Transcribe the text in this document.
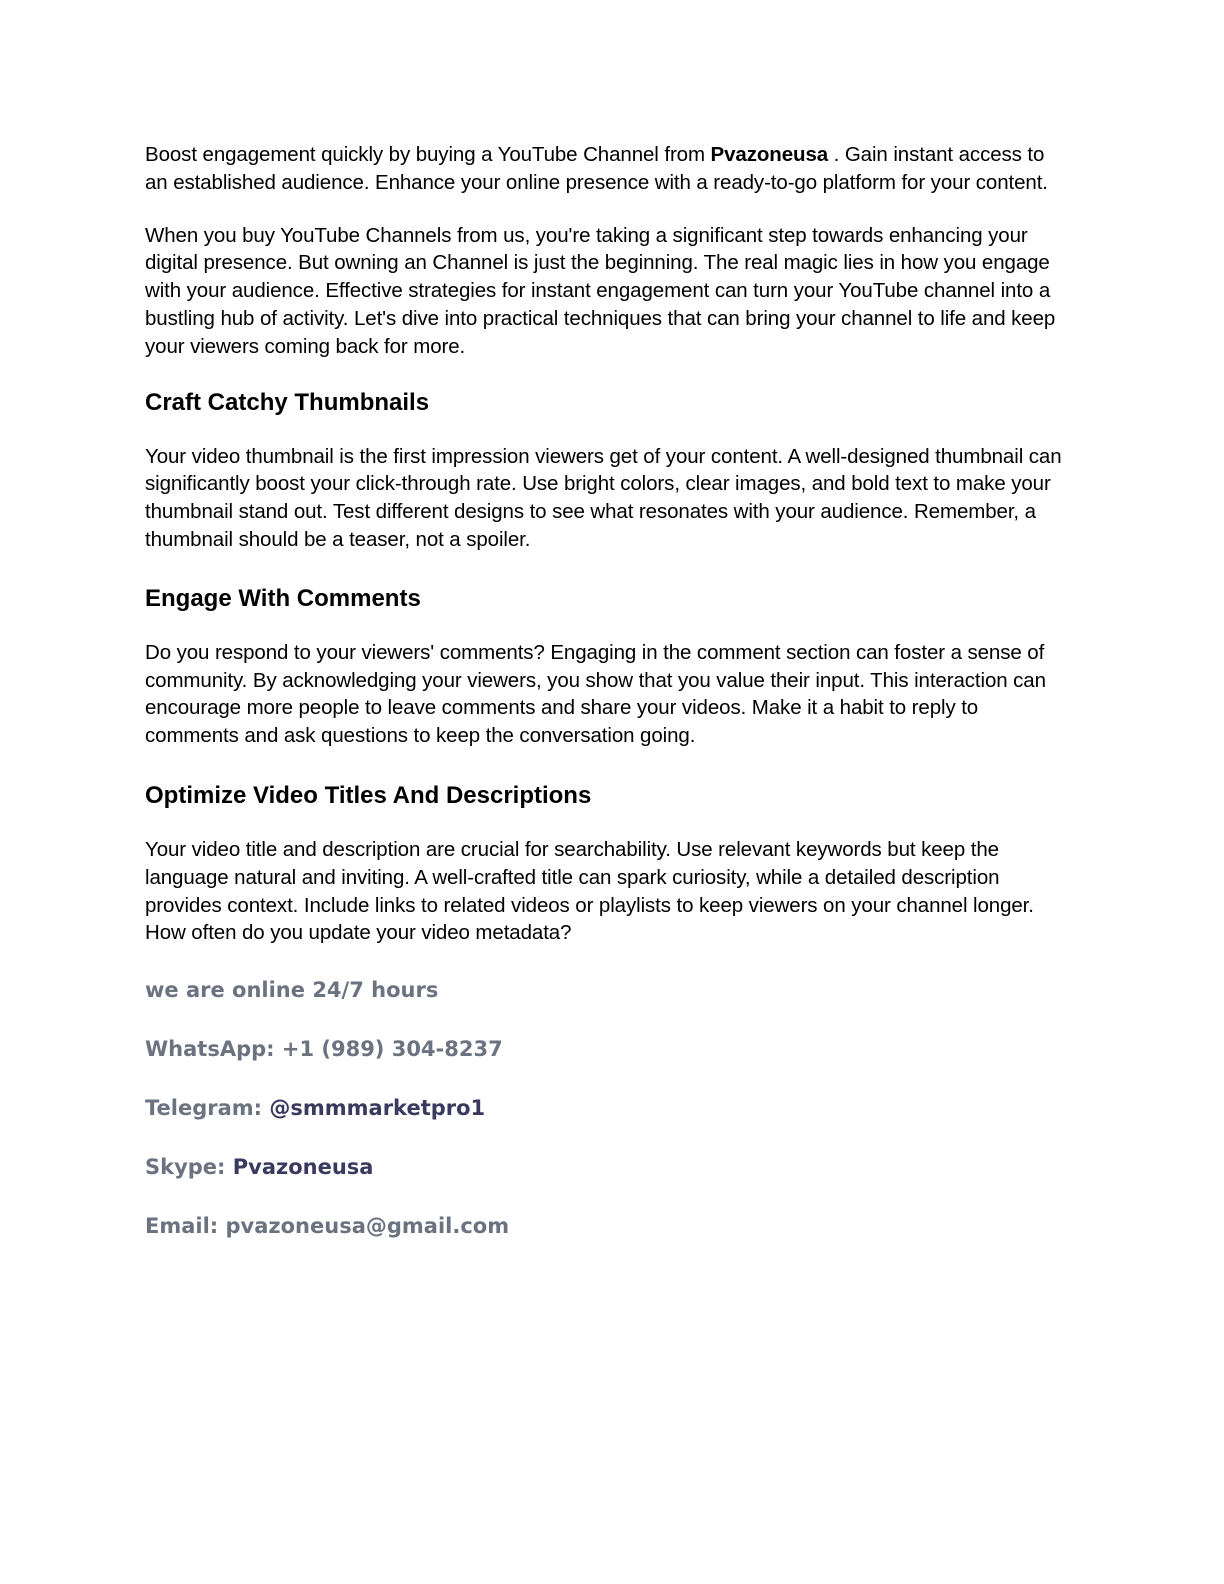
Boost engagement quickly by buying a YouTube Channel from Pvazoneusa . Gain instant access to an established audience. Enhance your online presence with a ready-to-go platform for your content.

When you buy YouTube Channels from us, you're taking a significant step towards enhancing your digital presence. But owning an Channel is just the beginning. The real magic lies in how you engage with your audience. Effective strategies for instant engagement can turn your YouTube channel into a bustling hub of activity. Let's dive into practical techniques that can bring your channel to life and keep your viewers coming back for more.

Craft Catchy Thumbnails

Your video thumbnail is the first impression viewers get of your content. A well-designed thumbnail can significantly boost your click-through rate. Use bright colors, clear images, and bold text to make your thumbnail stand out. Test different designs to see what resonates with your audience. Remember, a thumbnail should be a teaser, not a spoiler.

Engage With Comments

Do you respond to your viewers' comments? Engaging in the comment section can foster a sense of community. By acknowledging your viewers, you show that you value their input. This interaction can encourage more people to leave comments and share your videos. Make it a habit to reply to comments and ask questions to keep the conversation going.

Optimize Video Titles And Descriptions

Your video title and description are crucial for searchability. Use relevant keywords but keep the language natural and inviting. A well-crafted title can spark curiosity, while a detailed description provides context. Include links to related videos or playlists to keep viewers on your channel longer. How often do you update your video metadata?

we are online 24/7 hours

WhatsApp: +1 (989) 304-8237

Telegram: @smmmarketpro1

Skype: Pvazoneusa

Email: pvazoneusa@gmail.com
